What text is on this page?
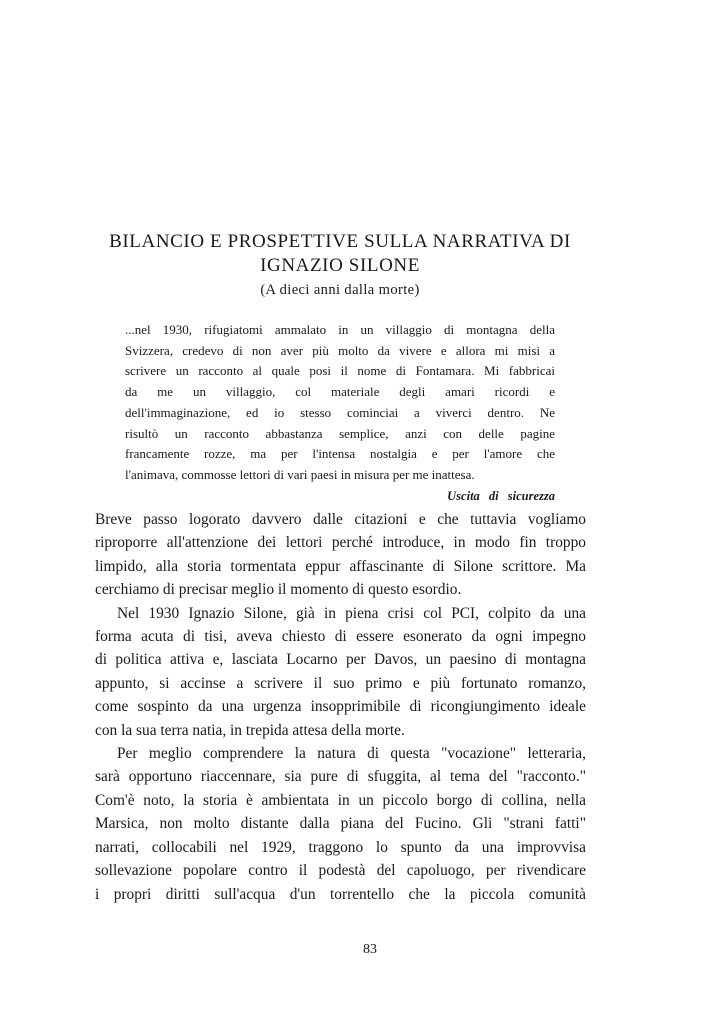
BILANCIO E PROSPETTIVE SULLA NARRATIVA DI
IGNAZIO SILONE

(A dieci anni dalla morte)

...nel 1930, rifugiatomi ammalato in un villaggio di montagna della
Svizzera, credevo di non aver più molto da vivere e allora mi misi a
scrivere un racconto al quale posi il nome di Fontamara. Mi fabbricai
da me un villaggio, col materiale degli amari ricordi e
dell'immaginazione, ed io stesso cominciai a viverci dentro. Ne
risultò un racconto abbastanza semplice, anzi con delle pagine
francamente rozze, ma per l'intensa nostalgia e per l'amore che
l'animava, commosse lettori di vari paesi in misura per me inattesa.
Uscita di sicurezza
Breve passo logorato davvero dalle citazioni e che tuttavia vogliamo
riproporre all'attenzione dei lettori perché introduce, in modo fin troppo
limpido, alla storia tormentata eppur affascinante di Silone scrittore. Ma
cerchiamo di precisar meglio il momento di questo esordio.
Nel 1930 Ignazio Silone, già in piena crisi col PCI, colpito da una
forma acuta di tisi, aveva chiesto di essere esonerato da ogni impegno
di politica attiva e, lasciata Locarno per Davos, un paesino di montagna
appunto, si accinse a scrivere il suo primo e più fortunato romanzo,
come sospinto da una urgenza insopprimibile di ricongiungimento ideale
con la sua terra natia, in trepida attesa della morte.
Per meglio comprendere la natura di questa "vocazione" letteraria,
sarà opportuno riaccennare, sia pure di sfuggita, al tema del "racconto."
Com'è noto, la storia è ambientata in un piccolo borgo di collina, nella
Marsica, non molto distante dalla piana del Fucino. Gli "strani fatti"
narrati, collocabili nel 1929, traggono lo spunto da una improvvisa
sollevazione popolare contro il podestà del capoluogo, per rivendicare
i propri diritti sull'acqua d'un torrentello che la piccola comunità
83
